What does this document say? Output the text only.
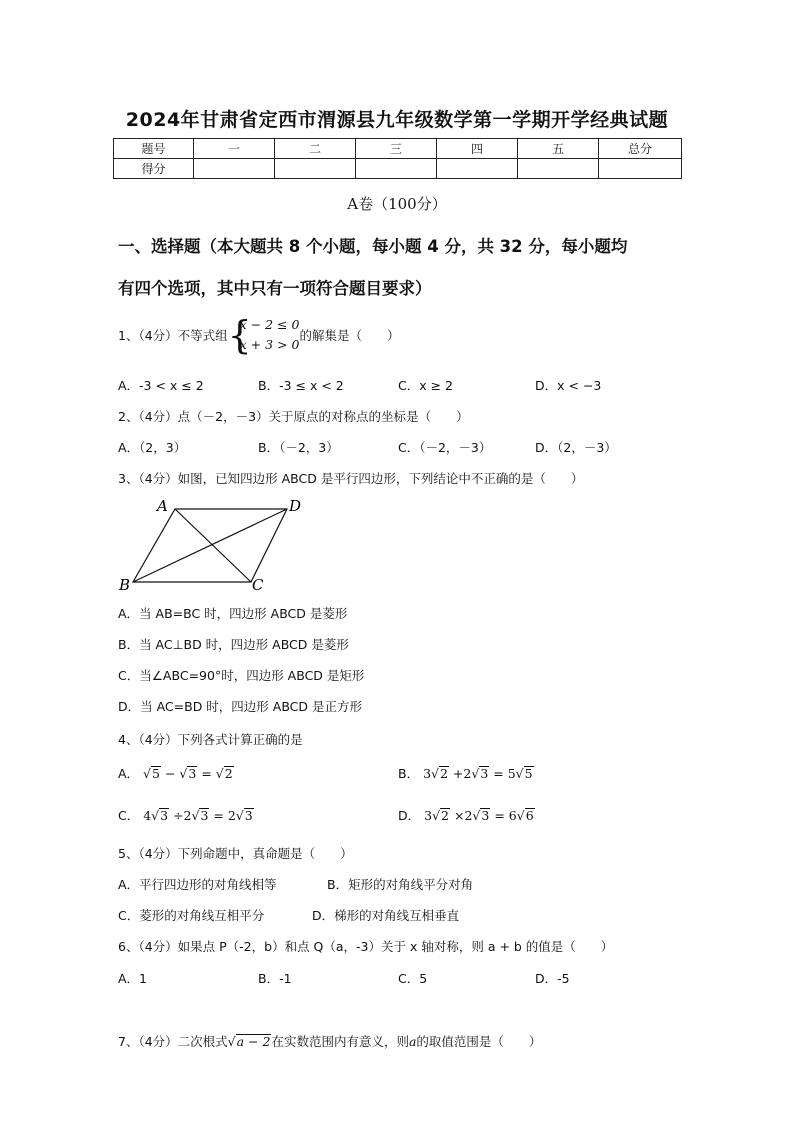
2024年甘肃省定西市渭源县九年级数学第一学期开学经典试题
题号	一	二	三	四	五	总分
得分						
A卷（100分）
一、选择题（本大题共 8 个小题，每小题 4 分，共 32 分，每小题均
有四个选项，其中只有一项符合题目要求）
1、（4分）不等式组 {
x − 2 ≤ 0
x + 3 > 0
的解集是（　　）
A．-3 < x ≤ 2	B．-3 ≤ x < 2	C．x ≥ 2	D．x < −3
2、（4分）点（－2，－3）关于原点的对称点的坐标是（　　）
A．（2，3）	B．（－2，3）	C．（－2，－3）	D．（2，－3）
3、（4分）如图，已知四边形 ABCD 是平行四边形，下列结论中不正确的是（　　）
A	D
B	C
A．当 AB=BC 时，四边形 ABCD 是菱形
B．当 AC⊥BD 时，四边形 ABCD 是菱形
C．当∠ABC=90°时，四边形 ABCD 是矩形
D．当 AC=BD 时，四边形 ABCD 是正方形
4、（4分）下列各式计算正确的是
A． √5 − √3 = √2	B． 3√2 +2√3 = 5√5
C． 4√3 ÷2√3 = 2√3	D． 3√2 ×2√3 = 6√6
5、（4分）下列命题中，真命题是（　　）
A．平行四边形的对角线相等	B．矩形的对角线平分对角
C．菱形的对角线互相平分	D．梯形的对角线互相垂直
6、（4分）如果点 P（-2，b）和点 Q（a，-3）关于 x 轴对称，则 a + b 的值是（　　）
A．1	B．-1	C．5	D．-5
7、（4分）二次根式√a − 2在实数范围内有意义，则a的取值范围是（　　）
